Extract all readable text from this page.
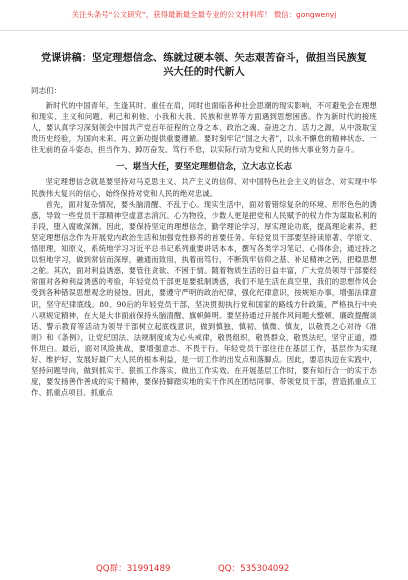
关注头条号“公文研究”，获得最新最全最专业的公文材料库！ 微信：gongwenyj
党课讲稿：坚定理想信念、练就过硬本领、矢志艰苦奋斗，做担当民族复兴大任的时代新人
同志们：

新时代的中国青年，生逢其时、重任在肩，同时也面临各种社会思潮的现实影响，不可避免会在理想和现实、主义和问题、利己和利他、小我和大我、民族和世界等方面遇到思想困惑。作为新时代的接班人，要认真学习深刻领会中国共产党百年征程的立身之本、政治之魂、奋进之力、活力之源，从中汲取宝贵历史经验，为国向未来、再立新功提供重要遵循。要时刻牢记“国之大者”，以永不懈怠的精神状态、一往无前的奋斗姿态，担当作为、踔厉奋发、笃行不怠，以实际行动为党和人民的伟大事业努力奋斗。

一、堪当大任，要坚定理想信念，立大志立长志

坚定理想信念就是要坚持对马克思主义、共产主义的信仰、对中国特色社会主义的信念、对实现中华民族伟大复兴的信心，始终保持对党和人民的绝对忠诚。

首先，面对复杂情况，要头脑清醒、不乱于心。现实生活中，面对着错综复杂的环境、形形色色的诱惑，导致一些党员干部精神空虚意志消沉、心为物役，少数人更是把党和人民赋予的权力作为谋取私利的手段，堕入腐败深渊。因此，要保持坚定的理想信念，勤学理论学习，厚实理论功底，提高理论素养，把坚定理想信念作为开展党内政治生活和加强党性修养的首要任务。年轻党员干部要坚持读原著、学原文、悟原理，知原义，系统地学习习近平总书记系列重要讲话本本，撰写各类学习笔记、心得体会，通过持之以恒地学习，做到常信而深厚，融通而致用，执着而笃行，不断筑牢信仰之基、补足精神之钙，把稳思想之舵。其次，面对利益诱惑，要管住贪欲、不困于情。随着物质生活的日益丰富，广大党员领导干部要经常面对各种利益诱惑的考验，年轻党员干部更是要抵制诱惑，我们不是生活在真空里，我们的思想作风会受到各种错误思想观念的侵蚀。因此，要遵守严明的政治纪律，强化纪律意识，按规矩办事，增强法律意识，坚守纪律底线。80、90后的年轻党员干部，坚决贯彻执行党和国家的路线方针政策，严格执行中央八项规定精神，在大是大非面前保持头脑清醒、旗帜鲜明。要坚持通过开展作风问题大整顿、廉政提醒谈话、警示教育等活动为领导干部树立起底线意识，做到慎独、慎初、慎微、慎友，以敬畏之心对待《准则》和《条例》，让党纪国法、法规制度成为心头戒律，敬畏组织，敬畏群众，敬畏法纪，坚守正道，襟怀坦白。最后，面对风险挑战，要增强意志、不畏于行。年轻党员干部往往在基层工作，基层作为实现好、维护好、发展好最广大人民的根本利益，是一切工作的出发点和落脚点。因此，要忍执迈在实践中，坚持问题导向，做到抓实干、狠抓工作落实、做出工作实效。在开展基层工作时，要有知行合一的实干态度，要发扬善作善成的实干精神，要保持脚踏实地的实干作风在团结同事、带领党员干部，营造抓重点工作、抓重点项目、抓重点

QQ群：31991489	QQ：535304092
